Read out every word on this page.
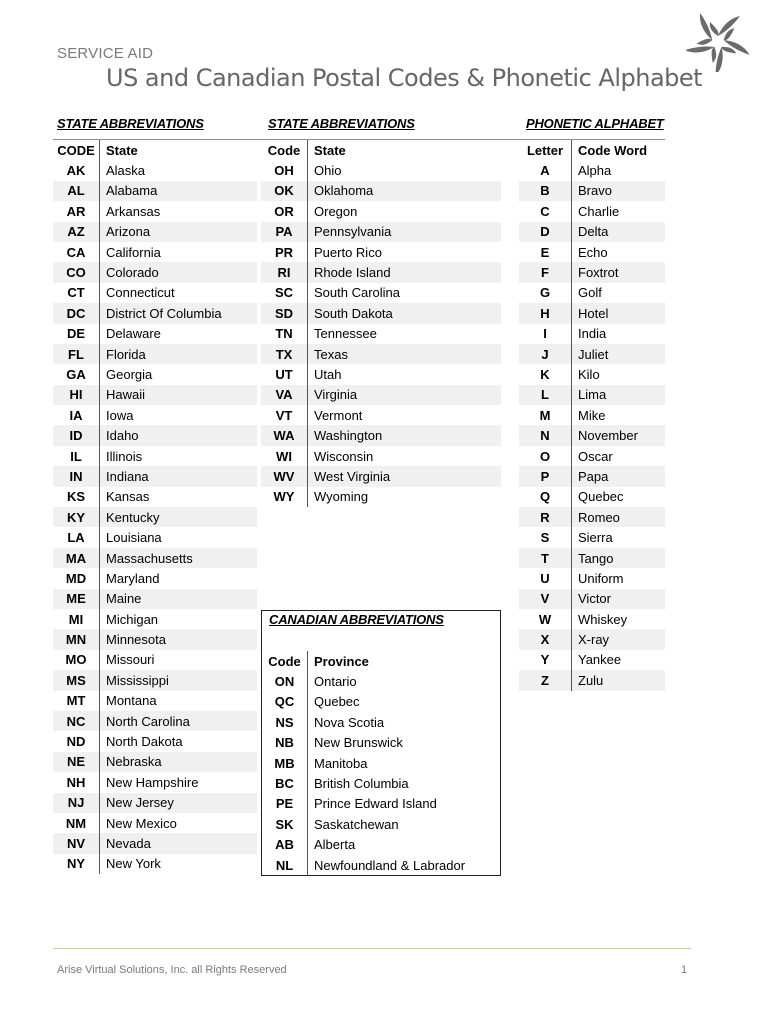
SERVICE AID
US and Canadian Postal Codes & Phonetic Alphabet
STATE ABBREVIATIONS	STATE ABBREVIATIONS	PHONETIC ALPHABET
CODE State
AK	Alaska
AL	Alabama
AR	Arkansas
AZ	Arizona
CA	California
CO	Colorado
CT	Connecticut
DC	District Of Columbia
DE	Delaware
FL	Florida
GA	Georgia
HI	Hawaii
IA	Iowa
ID	Idaho
IL	Illinois
IN	Indiana
KS	Kansas
KY	Kentucky
LA	Louisiana
MA	Massachusetts
MD	Maryland
ME	Maine
MI	Michigan
MN	Minnesota
MO	Missouri
MS	Mississippi
MT	Montana
NC	North Carolina
ND	North Dakota
NE	Nebraska
NH	New Hampshire
NJ	New Jersey
NM	New Mexico
NV	Nevada
NY	New York
Code	State
OH	Ohio
OK	Oklahoma
OR	Oregon
PA	Pennsylvania
PR	Puerto Rico
RI	Rhode Island
SC	South Carolina
SD	South Dakota
TN	Tennessee
TX	Texas
UT	Utah
VA	Virginia
VT	Vermont
WA	Washington
WI	Wisconsin
WV	West Virginia
WY	Wyoming
Letter	Code Word
A	Alpha
B	Bravo
C	Charlie
D	Delta
E	Echo
F	Foxtrot
G	Golf
H	Hotel
I	India
J	Juliet
K	Kilo
L	Lima
M	Mike
N	November
O	Oscar
P	Papa
Q	Quebec
R	Romeo
S	Sierra
T	Tango
U	Uniform
V	Victor
W	Whiskey
X	X-ray
Y	Yankee
Z	Zulu
CANADIAN ABBREVIATIONS
Code	Province
ON	Ontario
QC	Quebec
NS	Nova Scotia
NB	New Brunswick
MB	Manitoba
BC	British Columbia
PE	Prince Edward Island
SK	Saskatchewan
AB	Alberta
NL	Newfoundland & Labrador
Arise Virtual Solutions, Inc. all Rights Reserved	1
